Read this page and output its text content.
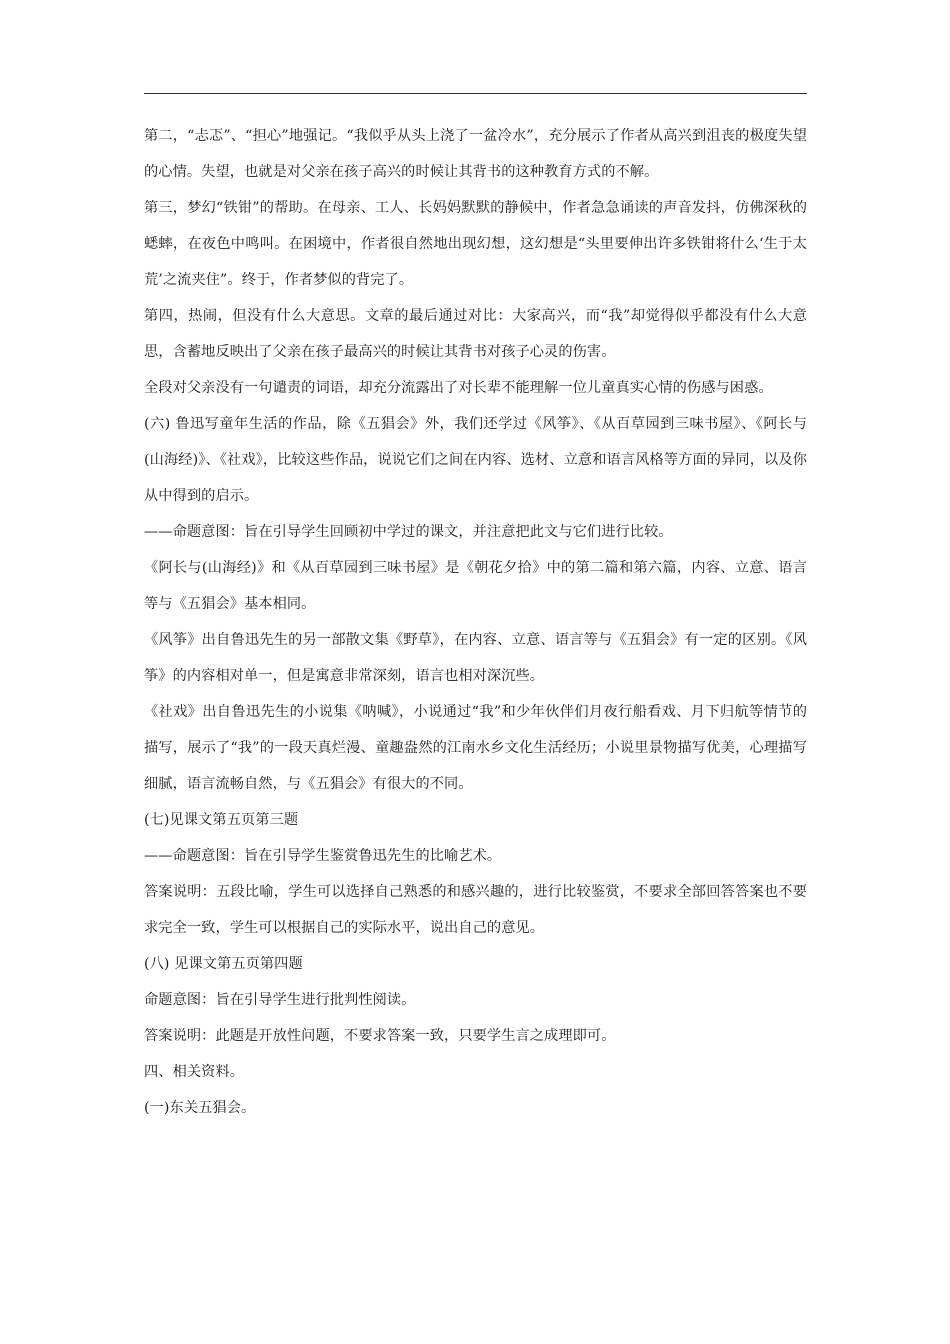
第二，“忐忑”、“担心”地强记。“我似乎从头上浇了一盆冷水”，充分展示了作者从高兴到沮丧的极度失望的心情。失望，也就是对父亲在孩子高兴的时候让其背书的这种教育方式的不解。

第三，梦幻“铁钳”的帮助。在母亲、工人、长妈妈默默的静候中，作者急急诵读的声音发抖，仿佛深秋的蟋蟀，在夜色中鸣叫。在困境中，作者很自然地出现幻想，这幻想是“头里要伸出许多铁钳将什么‘生于太荒’之流夹住”。终于，作者梦似的背完了。

第四，热闹，但没有什么大意思。文章的最后通过对比：大家高兴，而“我”却觉得似乎都没有什么大意思，含蓄地反映出了父亲在孩子最高兴的时候让其背书对孩子心灵的伤害。

全段对父亲没有一句谴责的词语，却充分流露出了对长辈不能理解一位儿童真实心情的伤感与困惑。

(六) 鲁迅写童年生活的作品，除《五猖会》外，我们还学过《风筝》、《从百草园到三味书屋》、《阿长与(山海经)》、《社戏》，比较这些作品，说说它们之间在内容、选材、立意和语言风格等方面的异同，以及你从中得到的启示。

——命题意图：旨在引导学生回顾初中学过的课文，并注意把此文与它们进行比较。

《阿长与(山海经)》和《从百草园到三味书屋》是《朝花夕拾》中的第二篇和第六篇，内容、立意、语言等与《五猖会》基本相同。

《风筝》出自鲁迅先生的另一部散文集《野草》，在内容、立意、语言等与《五猖会》有一定的区别。《风筝》的内容相对单一，但是寓意非常深刻，语言也相对深沉些。

《社戏》出自鲁迅先生的小说集《呐喊》，小说通过“我”和少年伙伴们月夜行船看戏、月下归航等情节的描写，展示了“我”的一段天真烂漫、童趣盎然的江南水乡文化生活经历；小说里景物描写优美，心理描写细腻，语言流畅自然，与《五猖会》有很大的不同。

(七)见课文第五页第三题

——命题意图：旨在引导学生鉴赏鲁迅先生的比喻艺术。

答案说明：五段比喻，学生可以选择自己熟悉的和感兴趣的，进行比较鉴赏，不要求全部回答答案也不要求完全一致，学生可以根据自己的实际水平，说出自己的意见。

(八) 见课文第五页第四题

命题意图：旨在引导学生进行批判性阅读。

答案说明：此题是开放性问题，不要求答案一致，只要学生言之成理即可。

四、相关资料。

(一)东关五猖会。
